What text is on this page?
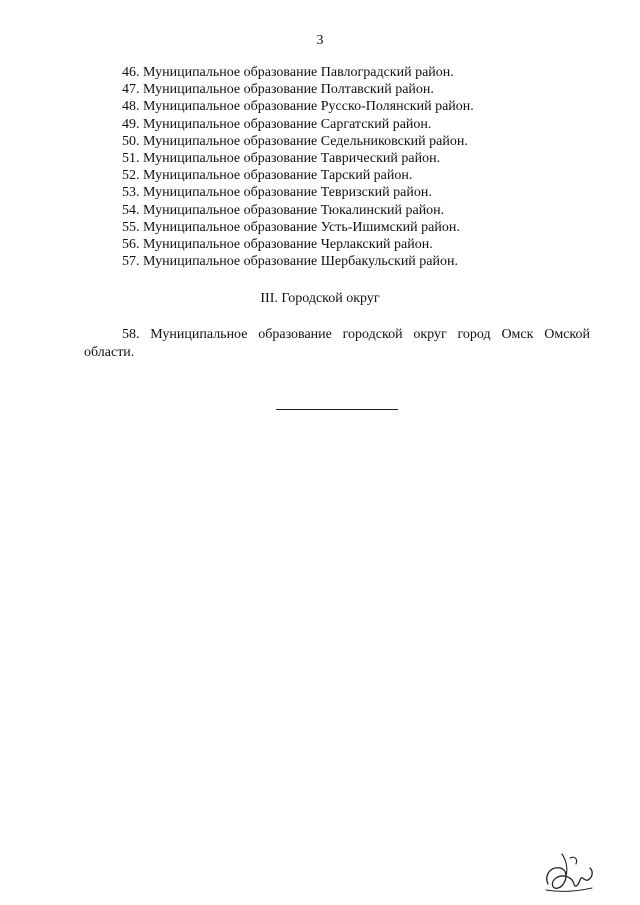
3
46. Муниципальное образование Павлоградский район.
47. Муниципальное образование Полтавский район.
48. Муниципальное образование Русско-Полянский район.
49. Муниципальное образование Саргатский район.
50. Муниципальное образование Седельниковский район.
51. Муниципальное образование Таврический район.
52. Муниципальное образование Тарский район.
53. Муниципальное образование Тевризский район.
54. Муниципальное образование Тюкалинский район.
55. Муниципальное образование Усть-Ишимский район.
56. Муниципальное образование Черлакский район.
57. Муниципальное образование Шербакульский район.
III. Городской округ

58. Муниципальное образование городской округ город Омск Омской области.
